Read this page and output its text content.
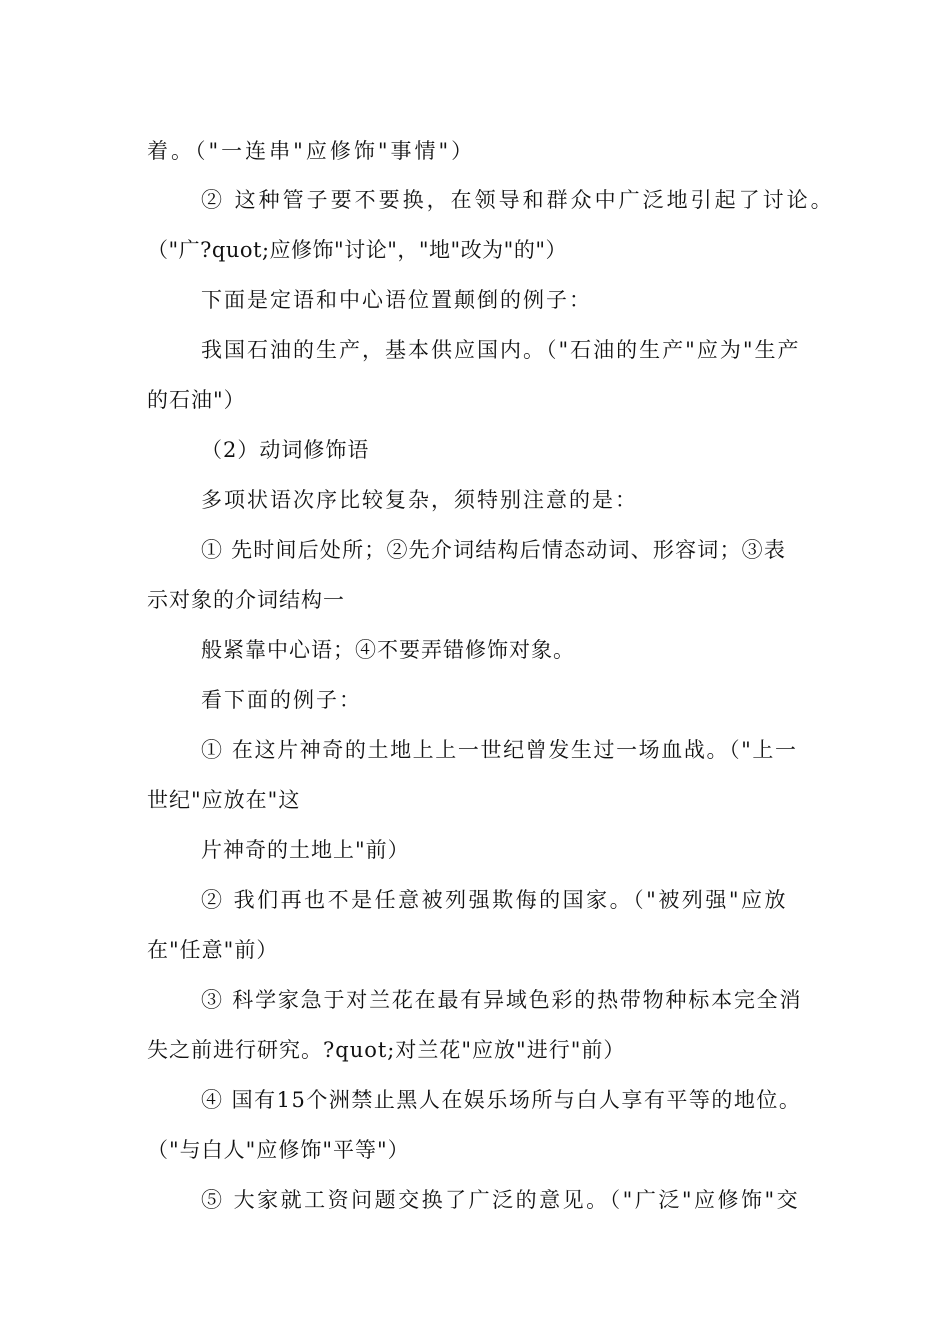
着。（"一连串"应修饰"事情"）
② 这种管子要不要换，在领导和群众中广泛地引起了讨论。
（"广?quot;应修饰"讨论"，"地"改为"的"）
下面是定语和中心语位置颠倒的例子：
我国石油的生产，基本供应国内。（"石油的生产"应为"生产
的石油"）
（2）动词修饰语
多项状语次序比较复杂，须特别注意的是：
① 先时间后处所；②先介词结构后情态动词、形容词；③表
示对象的介词结构一
般紧靠中心语；④不要弄错修饰对象。
看下面的例子：
① 在这片神奇的土地上上一世纪曾发生过一场血战。（"上一
世纪"应放在"这
片神奇的土地上"前）
② 我们再也不是任意被列强欺侮的国家。（"被列强"应放
在"任意"前）
③ 科学家急于对兰花在最有异域色彩的热带物种标本完全消
失之前进行研究。?quot;对兰花"应放"进行"前）
④ 国有15个洲禁止黑人在娱乐场所与白人享有平等的地位。
（"与白人"应修饰"平等"）
⑤ 大家就工资问题交换了广泛的意见。（"广泛"应修饰"交
